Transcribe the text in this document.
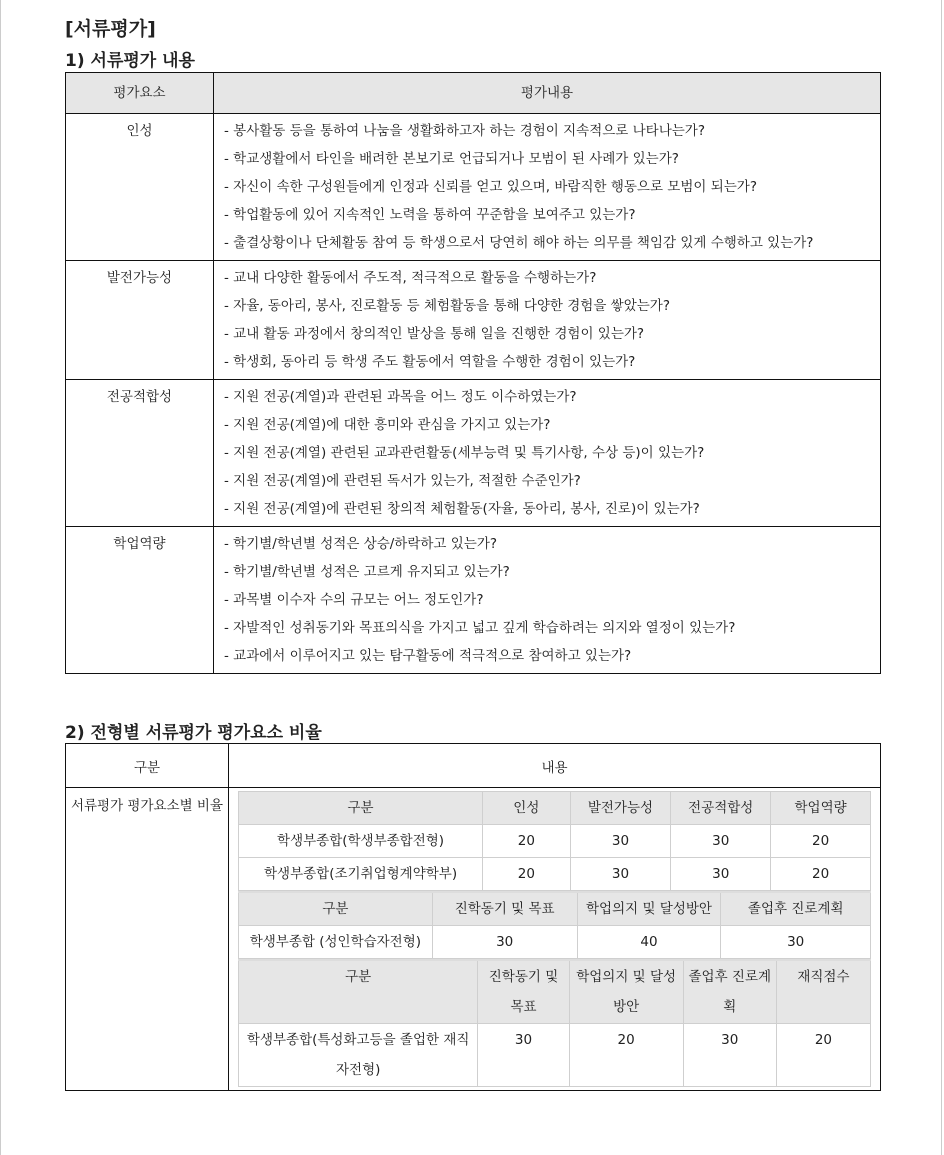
[서류평가]
1) 서류평가 내용
평가요소	평가내용
인성	- 봉사활동 등을 통하여 나눔을 생활화하고자 하는 경험이 지속적으로 나타나는가?
- 학교생활에서 타인을 배려한 본보기로 언급되거나 모범이 된 사례가 있는가?
- 자신이 속한 구성원들에게 인정과 신뢰를 얻고 있으며, 바람직한 행동으로 모범이 되는가?
- 학업활동에 있어 지속적인 노력을 통하여 꾸준함을 보여주고 있는가?
- 출결상황이나 단체활동 참여 등 학생으로서 당연히 해야 하는 의무를 책임감 있게 수행하고 있는가?

발전가능성	- 교내 다양한 활동에서 주도적, 적극적으로 활동을 수행하는가?
- 자율, 동아리, 봉사, 진로활동 등 체험활동을 통해 다양한 경험을 쌓았는가?
- 교내 활동 과정에서 창의적인 발상을 통해 일을 진행한 경험이 있는가?
- 학생회, 동아리 등 학생 주도 활동에서 역할을 수행한 경험이 있는가?

전공적합성	- 지원 전공(계열)과 관련된 과목을 어느 정도 이수하였는가?
- 지원 전공(계열)에 대한 흥미와 관심을 가지고 있는가?
- 지원 전공(계열) 관련된 교과관련활동(세부능력 및 특기사항, 수상 등)이 있는가?
- 지원 전공(계열)에 관련된 독서가 있는가, 적절한 수준인가?
- 지원 전공(계열)에 관련된 창의적 체험활동(자율, 동아리, 봉사, 진로)이 있는가?

학업역량	- 학기별/학년별 성적은 상승/하락하고 있는가?
- 학기별/학년별 성적은 고르게 유지되고 있는가?
- 과목별 이수자 수의 규모는 어느 정도인가?
- 자발적인 성취동기와 목표의식을 가지고 넓고 깊게 학습하려는 의지와 열정이 있는가?
- 교과에서 이루어지고 있는 탐구활동에 적극적으로 참여하고 있는가?
2) 전형별 서류평가 평가요소 비율
구분	내용
서류평가 평가요소별 비율		구분	인성	발전가능성	전공적합성	학업역량
학생부종합(학생부종합전형)	20	30	30	20
학생부종합(조기취업형계약학부)	20	30	30	20
구분	진학동기 및 목표	학업의지 및 달성방안	졸업후 진로계획
학생부종합 (성인학습자전형)	30	40	30
구분	진학동기 및 목표	학업의지 및 달성방안	졸업후 진로계획	재직점수
학생부종합(특성화고등을 졸업한 재직자전형)	30	20	30	20
